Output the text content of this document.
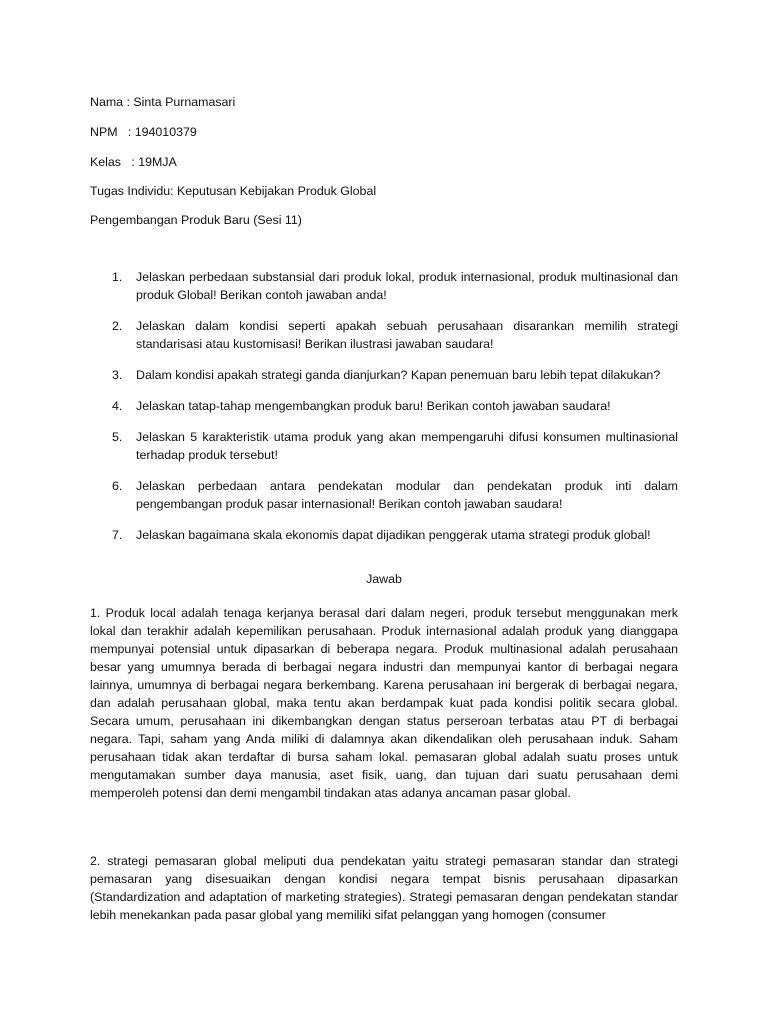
Nama : Sinta Purnamasari
NPM   : 194010379
Kelas   : 19MJA
Tugas Individu: Keputusan Kebijakan Produk Global
Pengembangan Produk Baru (Sesi 11)
1. Jelaskan perbedaan substansial dari produk lokal, produk internasional, produk multinasional dan produk Global! Berikan contoh jawaban anda!
2. Jelaskan dalam kondisi seperti apakah sebuah perusahaan disarankan memilih strategi standarisasi atau kustomisasi! Berikan ilustrasi jawaban saudara!
3. Dalam kondisi apakah strategi ganda dianjurkan? Kapan penemuan baru lebih tepat dilakukan?
4. Jelaskan tatap-tahap mengembangkan produk baru! Berikan contoh jawaban saudara!
5. Jelaskan 5 karakteristik utama produk yang akan mempengaruhi difusi konsumen multinasional terhadap produk tersebut!
6. Jelaskan perbedaan antara pendekatan modular dan pendekatan produk inti dalam pengembangan produk pasar internasional! Berikan contoh jawaban saudara!
7. Jelaskan bagaimana skala ekonomis dapat dijadikan penggerak utama strategi produk global!
Jawab

1. Produk local adalah tenaga kerjanya berasal dari dalam negeri, produk tersebut menggunakan merk lokal dan terakhir adalah kepemilikan perusahaan. Produk internasional adalah produk yang dianggapa mempunyai potensial untuk dipasarkan di beberapa negara. Produk multinasional adalah perusahaan besar yang umumnya berada di berbagai negara industri dan mempunyai kantor di berbagai negara lainnya, umumnya di berbagai negara berkembang. Karena perusahaan ini bergerak di berbagai negara, dan adalah perusahaan global, maka tentu akan berdampak kuat pada kondisi politik secara global. Secara umum, perusahaan ini dikembangkan dengan status perseroan terbatas atau PT di berbagai negara. Tapi, saham yang Anda miliki di dalamnya akan dikendalikan oleh perusahaan induk. Saham perusahaan tidak akan terdaftar di bursa saham lokal. pemasaran global adalah suatu proses untuk mengutamakan sumber daya manusia, aset fisik, uang, dan tujuan dari suatu perusahaan demi memperoleh potensi dan demi mengambil tindakan atas adanya ancaman pasar global.

2. strategi pemasaran global meliputi dua pendekatan yaitu strategi pemasaran standar dan strategi pemasaran yang disesuaikan dengan kondisi negara tempat bisnis perusahaan dipasarkan (Standardization and adaptation of marketing strategies). Strategi pemasaran dengan pendekatan standar lebih menekankan pada pasar global yang memiliki sifat pelanggan yang homogen (consumer
